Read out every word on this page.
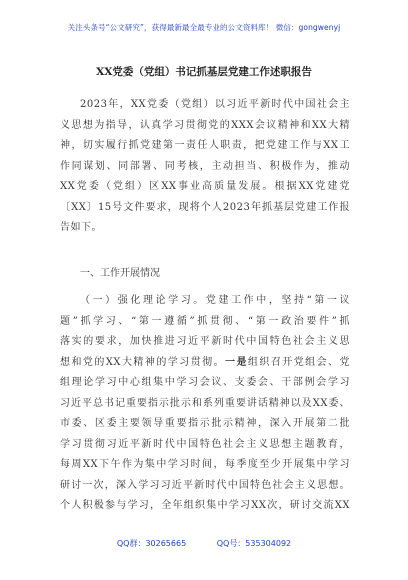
关注头条号“公文研究”，获得最新最全最专业的公文资料库！ 微信：gongwenyj
XX党委（党组）书记抓基层党建工作述职报告
2023年，XX党委（党组）以习近平新时代中国社会主
义思想为指导，认真学习贯彻党的XXX会议精神和XX大精
神，切实履行抓党建第一责任人职责，把党建工作与XX工
作同谋划、同部署、同考核，主动担当、积极作为，推动
XX党委（党组）区XX事业高质量发展。根据XX党建党
〔XX〕15号文件要求，现将个人2023年抓基层党建工作报
告如下。
一、工作开展情况
（一）强化理论学习。党建工作中，坚持“第一议
题”抓学习、“第一遵循”抓贯彻、“第一政治要件”抓
落实的要求，加快推进习近平新时代中国特色社会主义思
想和党的XX大精神的学习贯彻。一是组织召开党组会、党
组理论学习中心组集中学习会议、支委会、干部例会学习
习近平总书记重要指示批示和系列重要讲话精神以及XX委、
市委、区委主要领导重要指示批示精神，深入开展第二批
学习贯彻习近平新时代中国特色社会主义思想主题教育，
每周XX下午作为集中学习时间，每季度至少开展集中学习
研讨一次，深入学习习近平新时代中国特色社会主义思想。
个人积极参与学习，全年组织集中学习XX次，研讨交流XX
QQ群：30265665	QQ号：535304092
